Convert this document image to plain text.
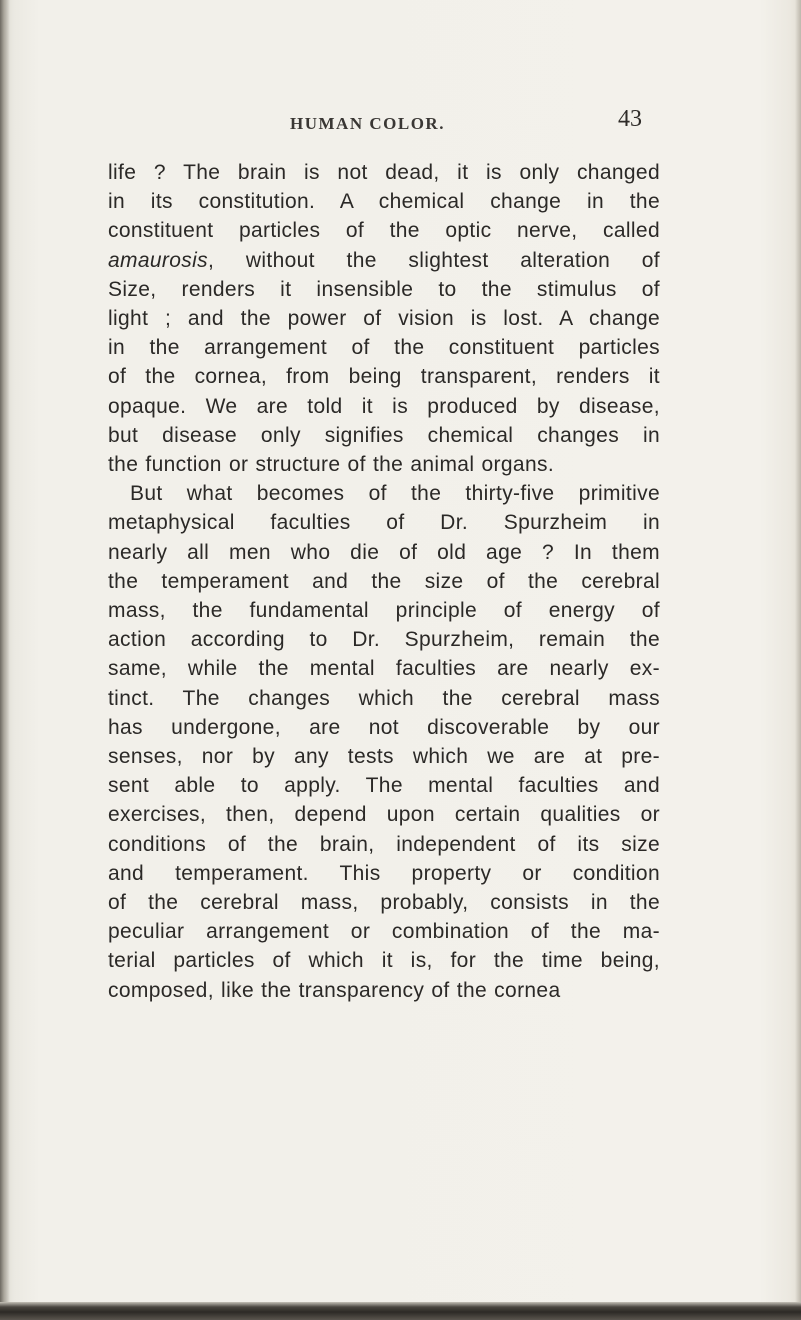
HUMAN COLOR.	43
life ? The brain is not dead, it is only changed
in its constitution. A chemical change in the
constituent particles of the optic nerve, called
amaurosis, without the slightest alteration of
Size, renders it insensible to the stimulus of
light ; and the power of vision is lost. A change
in the arrangement of the constituent particles
of the cornea, from being transparent, renders it
opaque. We are told it is produced by disease,
but disease only signifies chemical changes in
the function or structure of the animal organs.
But what becomes of the thirty-five primitive
metaphysical faculties of Dr. Spurzheim in
nearly all men who die of old age ? In them
the temperament and the size of the cerebral
mass, the fundamental principle of energy of
action according to Dr. Spurzheim, remain the
same, while the mental faculties are nearly ex-
tinct. The changes which the cerebral mass
has undergone, are not discoverable by our
senses, nor by any tests which we are at pre-
sent able to apply. The mental faculties and
exercises, then, depend upon certain qualities or
conditions of the brain, independent of its size
and temperament. This property or condition
of the cerebral mass, probably, consists in the
peculiar arrangement or combination of the ma-
terial particles of which it is, for the time being,
composed, like the transparency of the cornea
